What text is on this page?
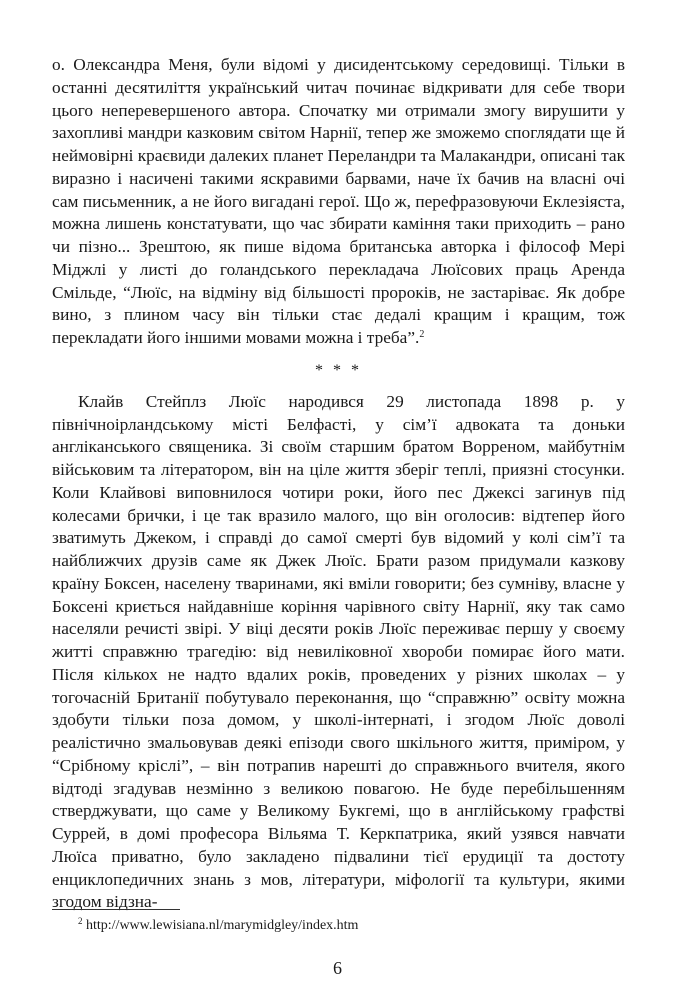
о. Олександра Меня, були відомі у дисидентському середовищі. Тільки в останні десятиліття український читач починає відкривати для себе твори цього неперевершеного автора. Спочатку ми отримали змогу вирушити у захопливі мандри казковим світом Нарнії, тепер же зможемо споглядати ще й неймовірні краєвиди далеких планет Переландри та Малакандри, описані так виразно і насичені такими яскравими барвами, наче їх бачив на власні очі сам письменник, а не його вигадані герої. Що ж, перефразовуючи Еклезіяста, можна лишень констатувати, що час збирати каміння таки приходить – рано чи пізно... Зрештою, як пише відома британська авторка і філософ Мері Міджлі у листі до голандського перекладача Люїсових праць Аренда Смільде, “Люїс, на відміну від більшості пророків, не застаріває. Як добре вино, з плином часу він тільки стає дедалі кращим і кращим, тож перекладати його іншими мовами можна і треба”.$^2$

* * *

Клайв Стейплз Люїс народився 29 листопада 1898 р. у північноірландському місті Белфасті, у сім’ї адвоката та доньки англіканського священика. Зі своїм старшим братом Ворреном, майбутнім військовим та літератором, він на ціле життя зберіг теплі, приязні стосунки. Коли Клайвові виповнилося чотири роки, його пес Джексі загинув під колесами брички, і це так вразило малого, що він оголосив: відтепер його зватимуть Джеком, і справді до самої смерті був відомий у колі сім’ї та найближчих друзів саме як Джек Люїс. Брати разом придумали казкову країну Боксен, населену тваринами, які вміли говорити; без сумніву, власне у Боксені криється найдавніше коріння чарівного світу Нарнії, яку так само населяли речисті звірі. У віці десяти років Люїс переживає першу у своєму житті справжню трагедію: від невиліковної хвороби помирає його мати. Після кількох не надто вдалих років, проведених у різних школах – у тогочасній Британії побутувало переконання, що “справжню” освіту можна здобути тільки поза домом, у школі-інтернаті, і згодом Люїс доволі реалістично змальовував деякі епізоди свого шкільного життя, приміром, у “Срібному кріслі”, – він потрапив нарешті до справжнього вчителя, якого відтоді згадував незмінно з великою повагою. Не буде перебільшенням стверджувати, що саме у Великому Букгемі, що в англійському графстві Суррей, в домі професора Вільяма Т. Керкпатрика, який узявся навчати Люїса приватно, було закладено підвалини тієї ерудиції та достоту енциклопедичних знань з мов, літератури, міфології та культури, якими згодом відзна-

$^2$ http://www.lewisiana.nl/marymidgley/index.htm

6
